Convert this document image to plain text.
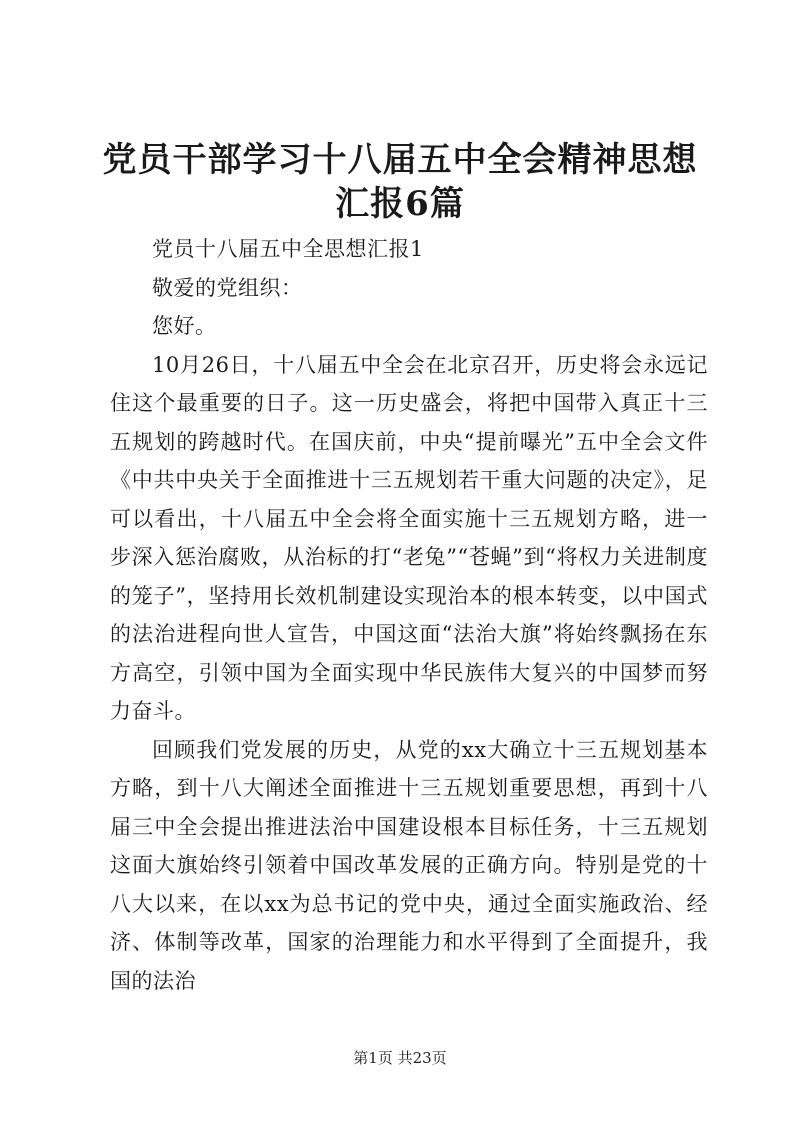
党员干部学习十八届五中全会精神思想汇报6篇

党员十八届五中全思想汇报1

敬爱的党组织：

您好。

10月26日，十八届五中全会在北京召开，历史将会永远记住这个最重要的日子。这一历史盛会，将把中国带入真正十三五规划的跨越时代。在国庆前，中央“提前曝光”五中全会文件《中共中央关于全面推进十三五规划若干重大问题的决定》，足可以看出，十八届五中全会将全面实施十三五规划方略，进一步深入惩治腐败，从治标的打“老兔”“苍蝇”到“将权力关进制度的笼子”，坚持用长效机制建设实现治本的根本转变，以中国式的法治进程向世人宣告，中国这面“法治大旗”将始终飘扬在东方高空，引领中国为全面实现中华民族伟大复兴的中国梦而努力奋斗。

回顾我们党发展的历史，从党的xx大确立十三五规划基本方略，到十八大阐述全面推进十三五规划重要思想，再到十八届三中全会提出推进法治中国建设根本目标任务，十三五规划这面大旗始终引领着中国改革发展的正确方向。特别是党的十八大以来，在以xx为总书记的党中央，通过全面实施政治、经济、体制等改革，国家的治理能力和水平得到了全面提升，我国的法治

第1页 共23页
